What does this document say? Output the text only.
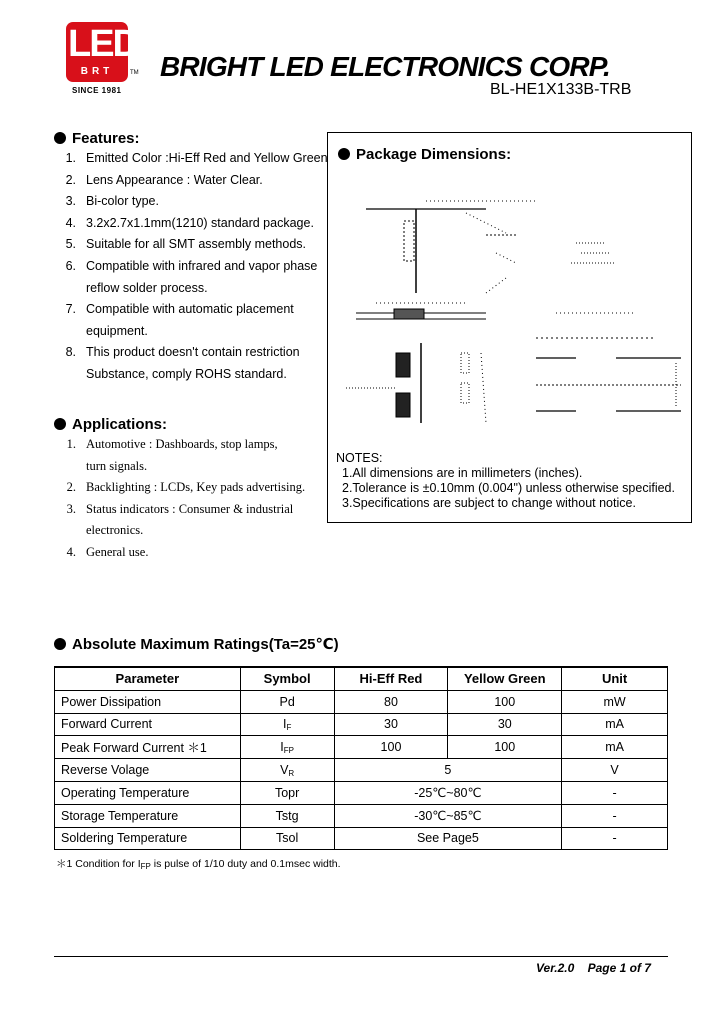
LED
BRT	TM
SINCE 1981
BRIGHT LED ELECTRONICS CORP.
BL-HE1X133B-TRB
Features:
1. Emitted Color :Hi-Eff Red and Yellow Green
2. Lens Appearance : Water Clear.
3. Bi-color type.
4. 3.2x2.7x1.1mm(1210) standard package.
5. Suitable for all SMT assembly methods.
6. Compatible with infrared and vapor phase
reflow solder process.
7. Compatible with automatic placement
equipment.
8. This product doesn't contain restriction
Substance, comply ROHS standard.
Applications:
1. Automotive : Dashboards, stop lamps,
turn signals.
2. Backlighting : LCDs, Key pads advertising.
3. Status indicators : Consumer & industrial
electronics.
4. General use.
Package Dimensions:
NOTES:
1.All dimensions are in millimeters (inches).
2.Tolerance is ±0.10mm (0.004") unless otherwise specified.
3.Specifications are subject to change without notice.
Absolute Maximum Ratings(Ta=25℃)
Parameter	Symbol	Hi-Eff Red	Yellow Green	Unit
Power Dissipation	Pd	80	100	mW
Forward Current	$I_F$	30	30	mA
Peak Forward Current ＊1	$I_{FP}$	100	100	mA
Reverse Volage	$V_R$	5		V
Operating Temperature	Topr	-25℃~80℃		-
Storage Temperature	Tstg	-30℃~85℃		-
Soldering Temperature	Tsol	See Page5		-
＊1 Condition for $I_{FP}$ is pulse of 1/10 duty and 0.1msec width.
Ver.2.0    Page 1 of 7
